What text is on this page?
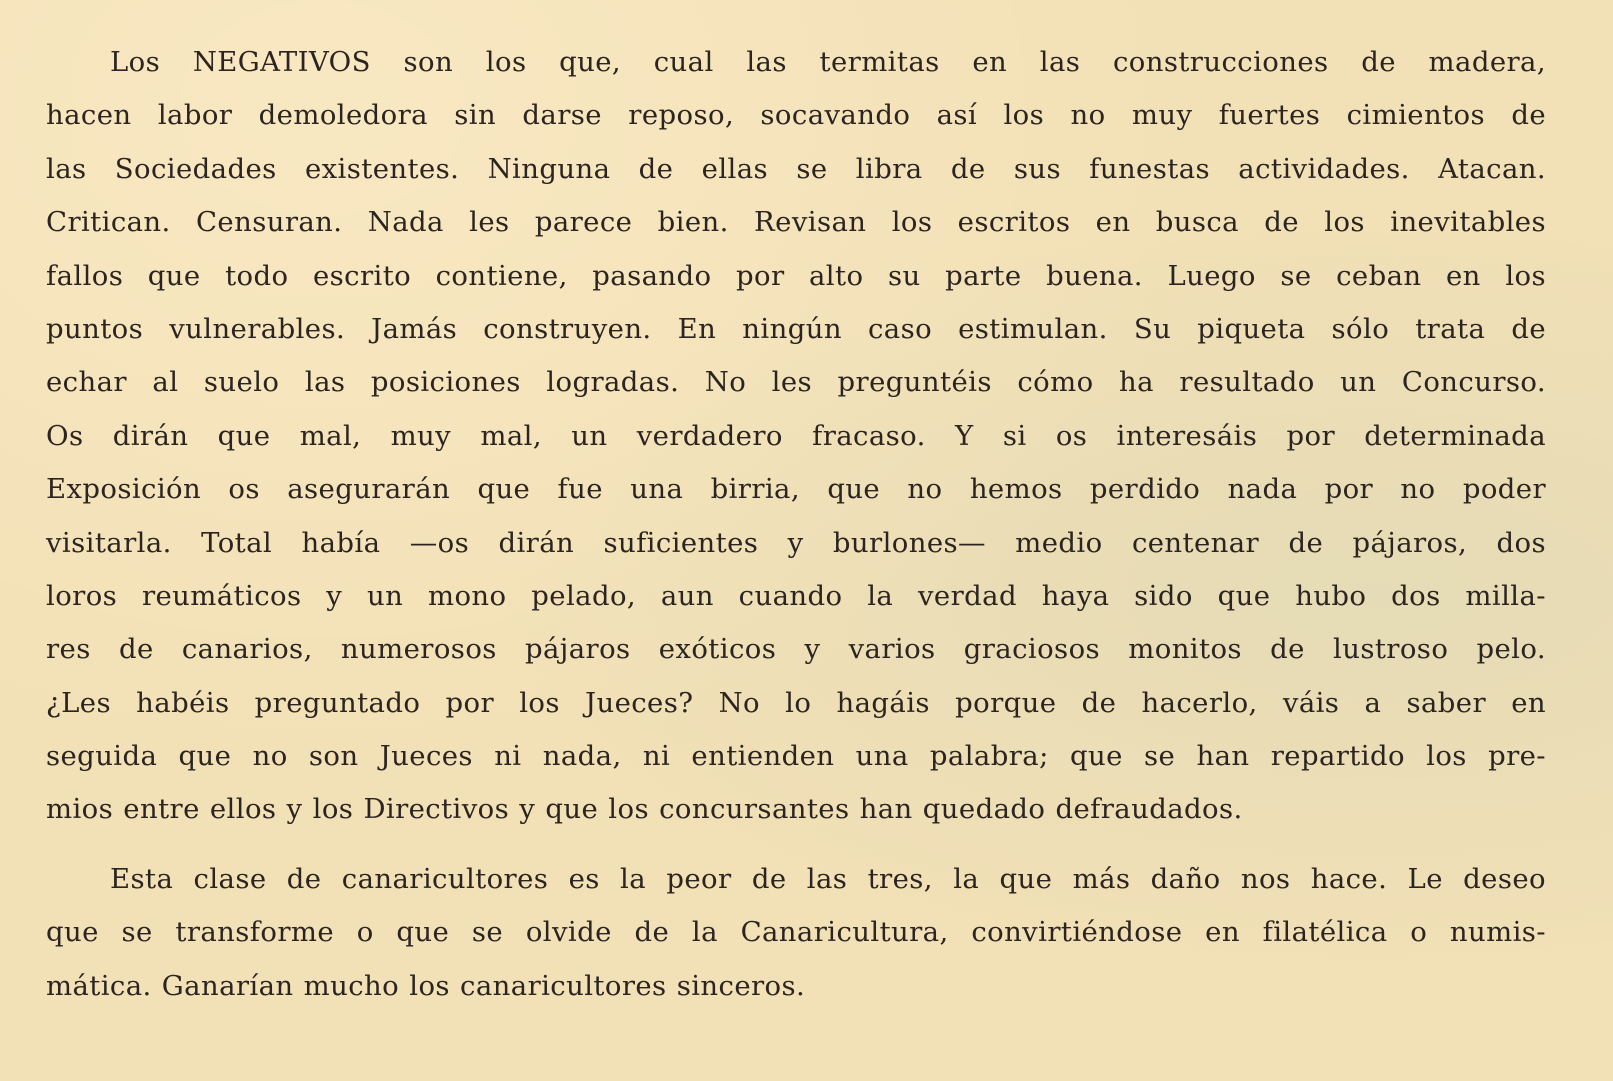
Los NEGATIVOS son los que, cual las termitas en las construcciones de madera,
hacen labor demoledora sin darse reposo, socavando así los no muy fuertes cimientos de
las Sociedades existentes. Ninguna de ellas se libra de sus funestas actividades. Atacan.
Critican. Censuran. Nada les parece bien. Revisan los escritos en busca de los inevitables
fallos que todo escrito contiene, pasando por alto su parte buena. Luego se ceban en los
puntos vulnerables. Jamás construyen. En ningún caso estimulan. Su piqueta sólo trata de
echar al suelo las posiciones logradas. No les preguntéis cómo ha resultado un Concurso.
Os dirán que mal, muy mal, un verdadero fracaso. Y si os interesáis por determinada
Exposición os asegurarán que fue una birria, que no hemos perdido nada por no poder
visitarla. Total había —os dirán suficientes y burlones— medio centenar de pájaros, dos
loros reumáticos y un mono pelado, aun cuando la verdad haya sido que hubo dos milla-
res de canarios, numerosos pájaros exóticos y varios graciosos monitos de lustroso pelo.
¿Les habéis preguntado por los Jueces? No lo hagáis porque de hacerlo, váis a saber en
seguida que no son Jueces ni nada, ni entienden una palabra; que se han repartido los pre-
mios entre ellos y los Directivos y que los concursantes han quedado defraudados.
Esta clase de canaricultores es la peor de las tres, la que más daño nos hace. Le deseo
que se transforme o que se olvide de la Canaricultura, convirtiéndose en filatélica o numis-
mática. Ganarían mucho los canaricultores sinceros.
